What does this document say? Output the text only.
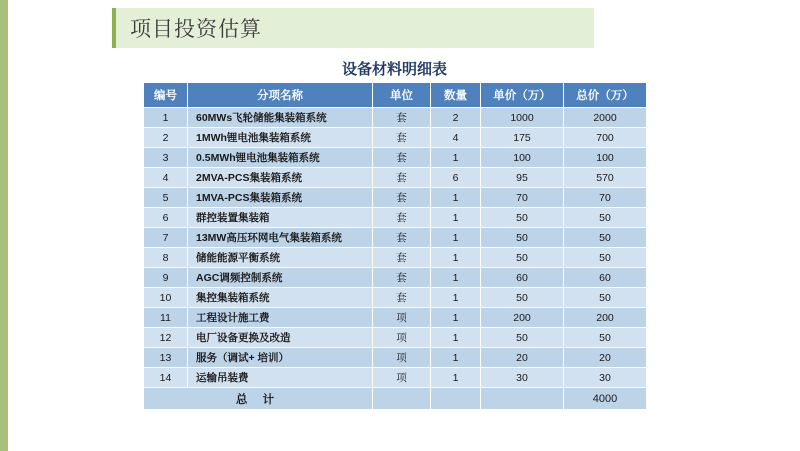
项目投资估算
设备材料明细表
编号	分项名称	单位	数量	单价（万）	总价（万）
1	60MWs飞轮储能集装箱系统	套	2	1000	2000
2	1MWh锂电池集装箱系统	套	4	175	700
3	0.5MWh锂电池集装箱系统	套	1	100	100
4	2MVA-PCS集装箱系统	套	6	95	570
5	1MVA-PCS集装箱系统	套	1	70	70
6	群控装置集装箱	套	1	50	50
7	13MW高压环网电气集装箱系统	套	1	50	50
8	储能能源平衡系统	套	1	50	50
9	AGC调频控制系统	套	1	60	60
10	集控集装箱系统	套	1	50	50
11	工程设计施工费	项	1	200	200
12	电厂设备更换及改造	项	1	50	50
13	服务（调试+ 培训）	项	1	20	20
14	运输吊装费	项	1	30	30
总 计					4000
